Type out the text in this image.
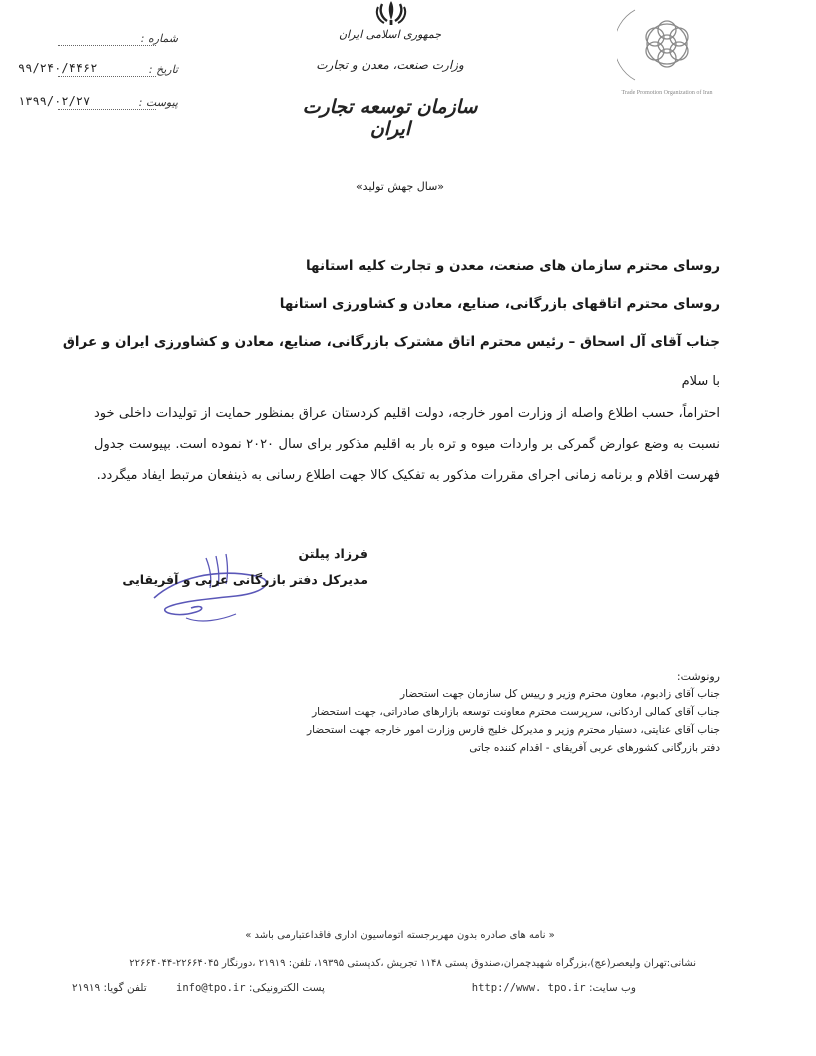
شماره :
تاریخ :
۹۹/۲۴۰/۴۴۶۲
پیوست :
۱۳۹۹/۰۲/۲۷
جمهوری اسلامی ایران
وزارت صنعت، معدن و تجارت
سازمان توسعه تجارت ایران
Trade Promotion Organization of Iran
«سال جهش تولید»
روسای محترم سازمان های صنعت، معدن و تجارت کلیه استانها
روسای محترم اتاقهای بازرگانی، صنایع، معادن و کشاورزی استانها
جناب آقای آل اسحاق – رئیس محترم اتاق مشترک بازرگانی، صنایع، معادن و کشاورزی ایران و عراق
با سلام
احتراماً، حسب اطلاع واصله از وزارت امور خارجه، دولت اقلیم کردستان عراق بمنظور حمایت از تولیدات داخلی خود نسبت به وضع عوارض گمرکی بر واردات میوه و تره بار به اقلیم مذکور برای سال ۲۰۲۰ نموده است. بپیوست جدول فهرست اقلام و برنامه زمانی اجرای مقررات مذکور به تفکیک کالا جهت اطلاع رسانی به ذینفعان مرتبط ایفاد میگردد.
فرزاد پیلتن
مدیرکل دفتر بازرگانی عربی و آفریقایی
رونوشت:
جناب آقای زادبوم، معاون محترم وزیر و رییس کل سازمان جهت استحضار
جناب آقای کمالی اردکانی، سرپرست محترم معاونت توسعه بازارهای صادراتی، جهت استحضار
جناب آقای عنایتی، دستیار محترم وزیر و مدیرکل خلیج فارس وزارت امور خارجه جهت استحضار
دفتر بازرگانی کشورهای عربی آفریقای - اقدام کننده جاتی
« نامه های صادره بدون مهربرجسته اتوماسیون اداری فاقداعتبارمی باشد »
نشانی:تهران ولیعصر(عج)،بزرگراه شهیدچمران،صندوق پستی ۱۱۴۸ تجریش ،کدپستی ۱۹۳۹۵، تلفن: ۲۱۹۱۹ ،دورنگار ۲۲۶۶۴۰۴۵-۲۲۶۶۴۰۴۴
وب سایت: http://www. tpo.ir
پست الکترونیکی: info@tpo.ir
تلفن گویا: ۲۱۹۱۹
